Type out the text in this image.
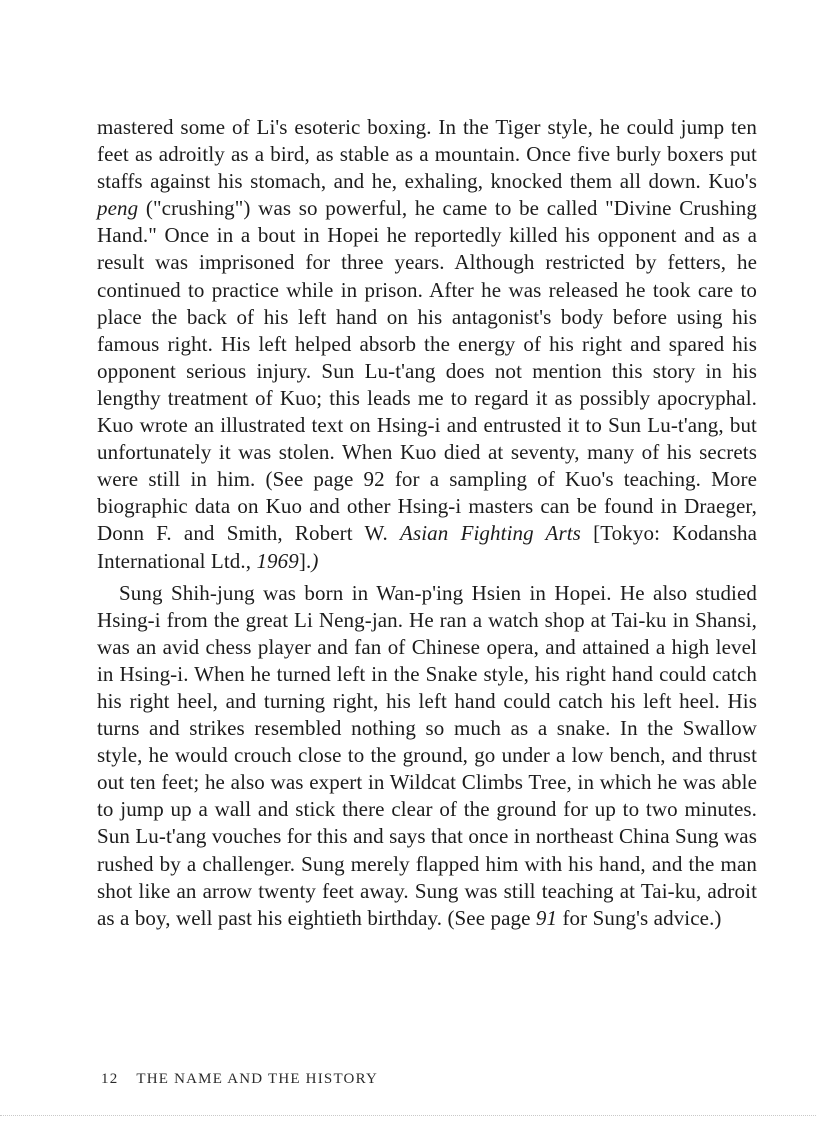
mastered some of Li's esoteric boxing. In the Tiger style, he could jump ten feet as adroitly as a bird, as stable as a mountain. Once five burly boxers put staffs against his stomach, and he, exhaling, knocked them all down. Kuo's peng ("crushing") was so powerful, he came to be called "Divine Crushing Hand." Once in a bout in Hopei he reportedly killed his opponent and as a result was imprisoned for three years. Although restricted by fetters, he continued to practice while in prison. After he was released he took care to place the back of his left hand on his antagonist's body before using his famous right. His left helped absorb the energy of his right and spared his opponent serious injury. Sun Lu-t'ang does not mention this story in his lengthy treatment of Kuo; this leads me to regard it as possibly apocryphal. Kuo wrote an illustrated text on Hsing-i and entrusted it to Sun Lu-t'ang, but unfortunately it was stolen. When Kuo died at seventy, many of his secrets were still in him. (See page 92 for a sampling of Kuo's teaching. More biographic data on Kuo and other Hsing-i masters can be found in Draeger, Donn F. and Smith, Robert W. Asian Fighting Arts [Tokyo: Kodansha International Ltd., 1969].)

Sung Shih-jung was born in Wan-p'ing Hsien in Hopei. He also studied Hsing-i from the great Li Neng-jan. He ran a watch shop at Tai-ku in Shansi, was an avid chess player and fan of Chinese opera, and attained a high level in Hsing-i. When he turned left in the Snake style, his right hand could catch his right heel, and turning right, his left hand could catch his left heel. His turns and strikes resembled nothing so much as a snake. In the Swallow style, he would crouch close to the ground, go under a low bench, and thrust out ten feet; he also was expert in Wildcat Climbs Tree, in which he was able to jump up a wall and stick there clear of the ground for up to two minutes. Sun Lu-t'ang vouches for this and says that once in northeast China Sung was rushed by a challenger. Sung merely flapped him with his hand, and the man shot like an arrow twenty feet away. Sung was still teaching at Tai-ku, adroit as a boy, well past his eightieth birthday. (See page 91 for Sung's advice.)

12 THE NAME AND THE HISTORY
